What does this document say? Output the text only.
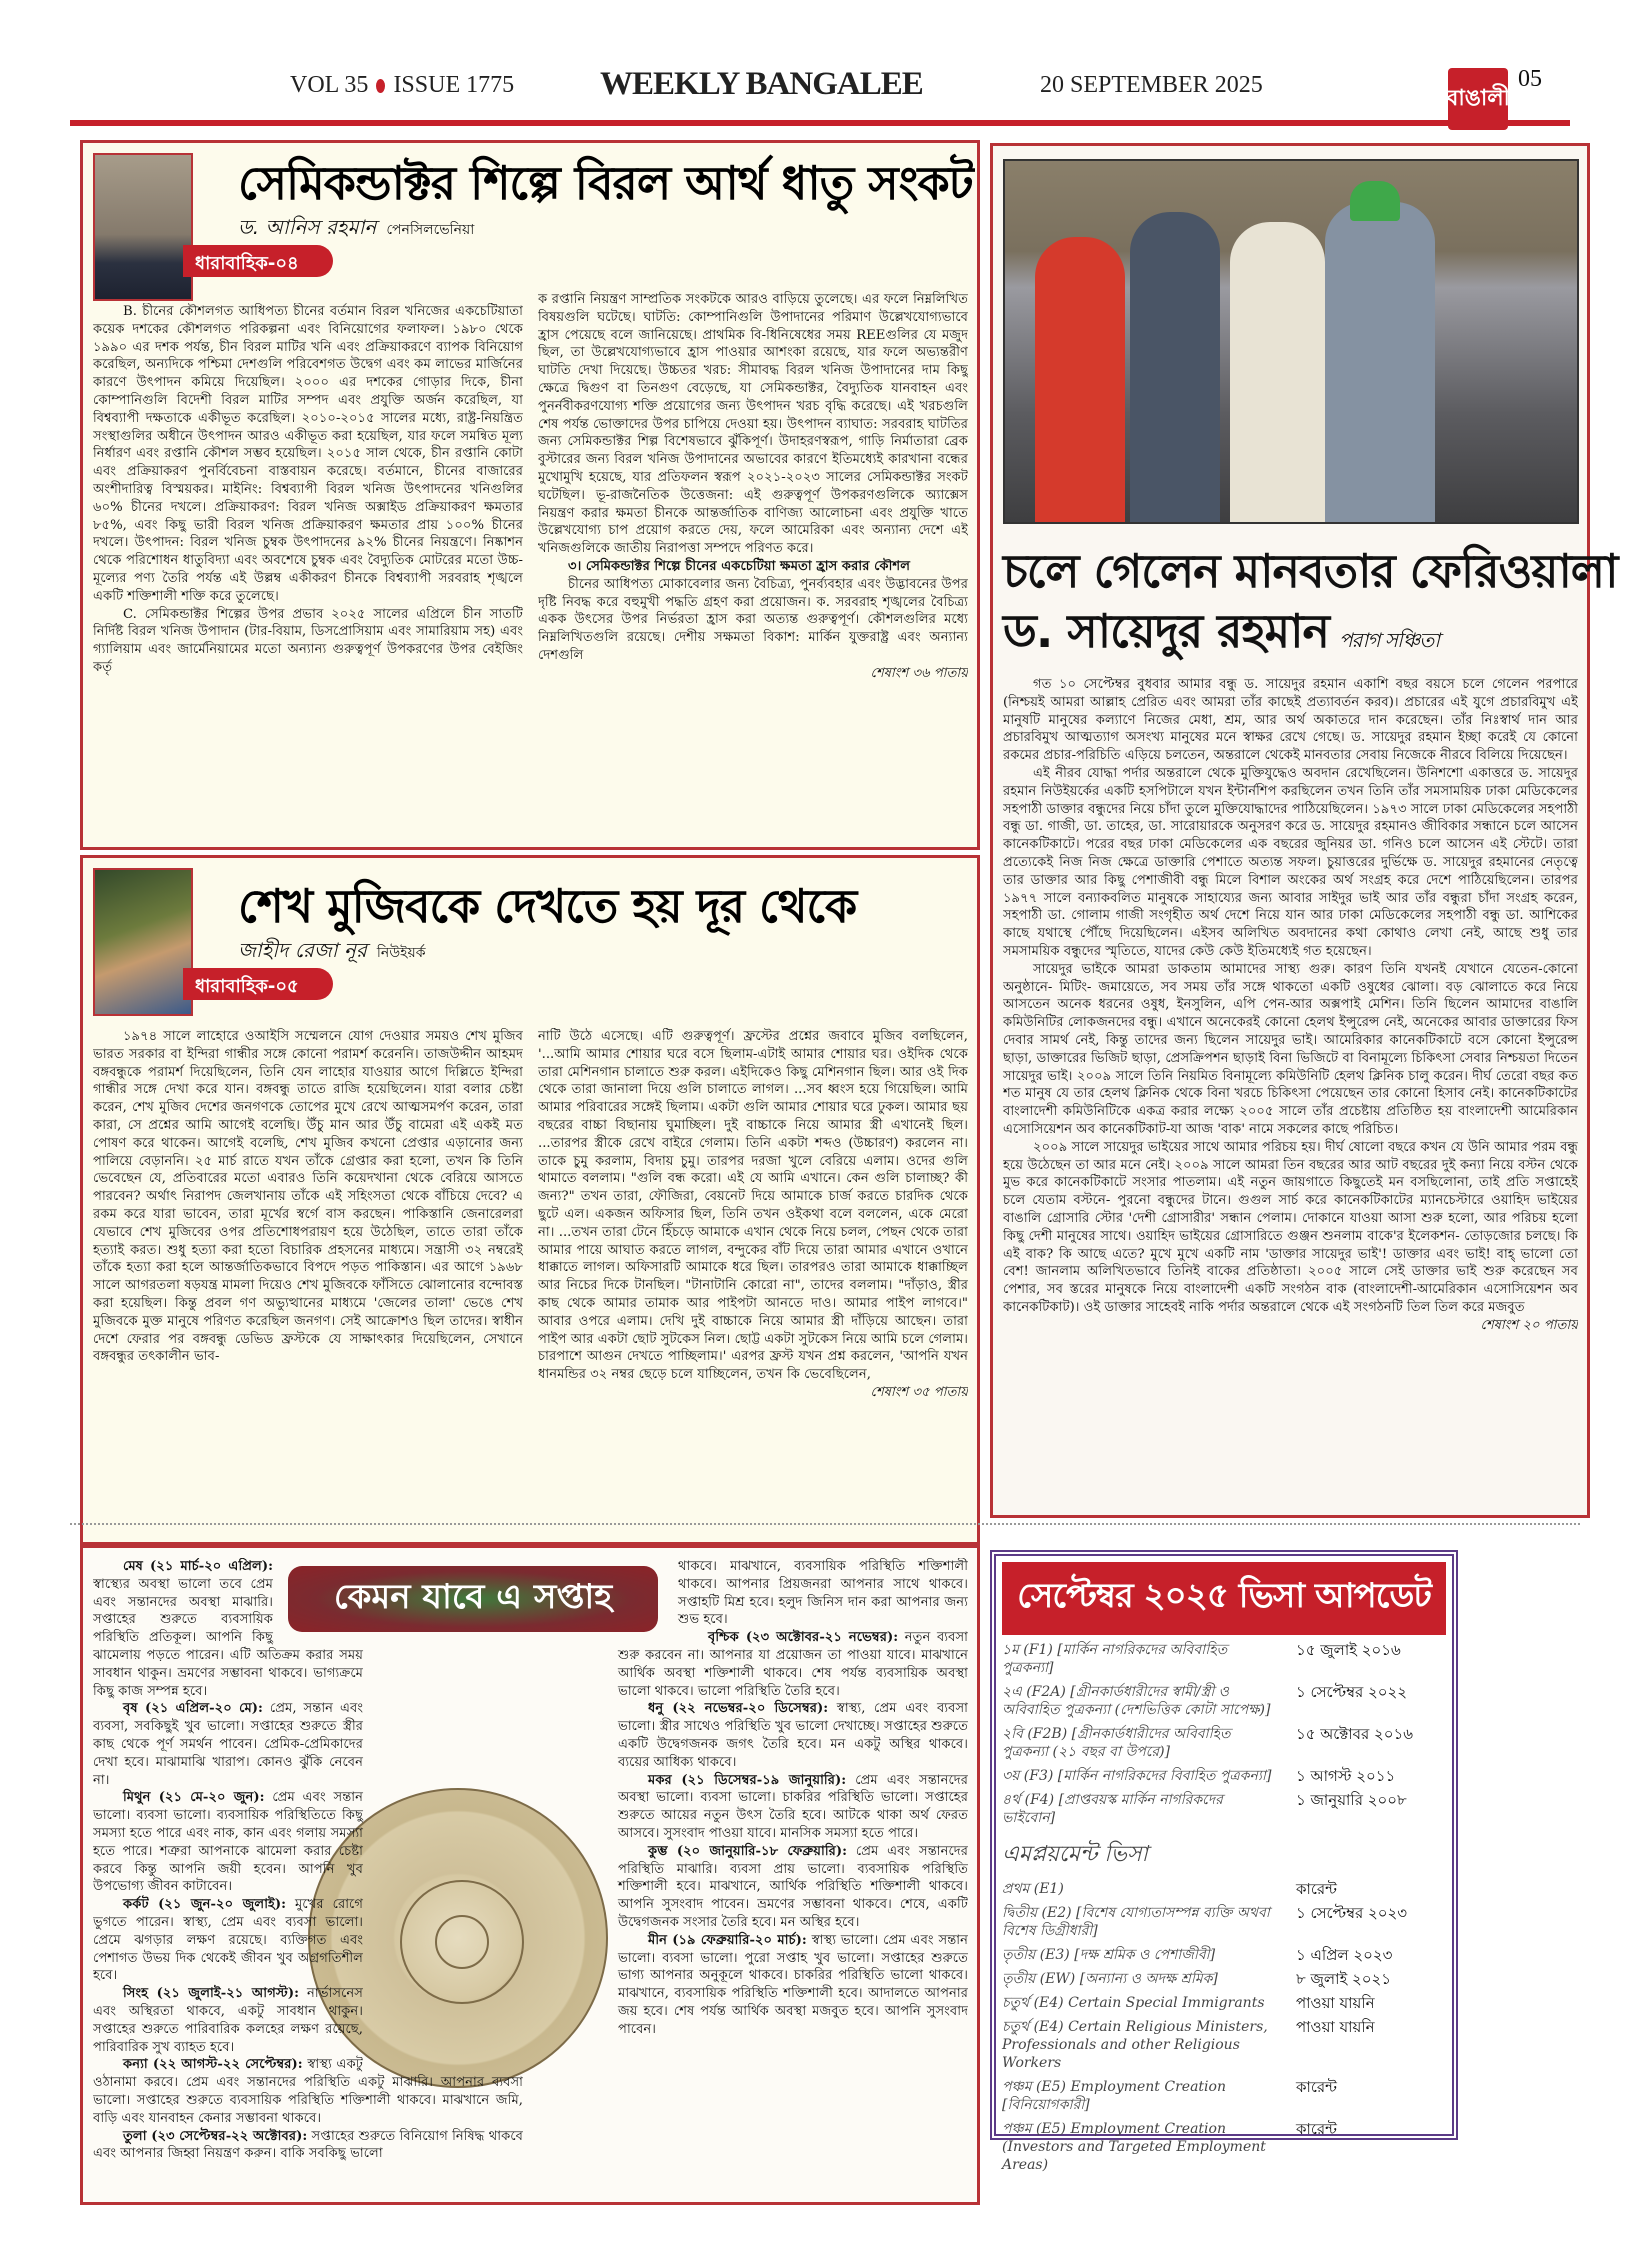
VOL 35 ISSUE 1775	WEEKLY BANGALEE	20 SEPTEMBER 2025	বাঙালী
05
সেমিকন্ডাক্টর শিল্পে বিরল আর্থ ধাতু সংকট
ড. আনিস রহমান পেনসিলভেনিয়া
ধারাবাহিক-০৪

B. চীনের কৌশলগত আধিপত্য চীনের বর্তমান বিরল খনিজের একচেটিয়াতা কয়েক দশকের কৌশলগত পরিকল্পনা এবং বিনিয়োগের ফলাফল। ১৯৮০ থেকে ১৯৯০ এর দশক পর্যন্ত, চীন বিরল মাটির খনি এবং প্রক্রিয়াকরণে ব্যাপক বিনিয়োগ করেছিল, অন্যদিকে পশ্চিমা দেশগুলি পরিবেশগত উদ্বেগ এবং কম লাভের মার্জিনের কারণে উৎপাদন কমিয়ে দিয়েছিল। ২০০০ এর দশকের গোড়ার দিকে, চীনা কোম্পানিগুলি বিদেশী বিরল মাটির সম্পদ এবং প্রযুক্তি অর্জন করেছিল, যা বিশ্বব্যাপী দক্ষতাকে একীভূত করেছিল। ২০১০-২০১৫ সালের মধ্যে, রাষ্ট্র-নিয়ন্ত্রিত সংস্থাগুলির অধীনে উৎপাদন আরও একীভূত করা হয়েছিল, যার ফলে সমন্বিত মূল্য নির্ধারণ এবং রপ্তানি কৌশল সম্ভব হয়েছিল। ২০১৫ সাল থেকে, চীন রপ্তানি কোটা এবং প্রক্রিয়াকরণ পুনর্বিবেচনা বাস্তবায়ন করেছে। বর্তমানে, চীনের বাজারের অংশীদারিত্ব বিস্ময়কর। মাইনিং: বিশ্বব্যাপী বিরল খনিজ উৎপাদনের খনিগুলির ৬০% চীনের দখলে। প্রক্রিয়াকরণ: বিরল খনিজ অক্সাইড প্রক্রিয়াকরণ ক্ষমতার ৮৫%, এবং কিছু ভারী বিরল খনিজ প্রক্রিয়াকরণ ক্ষমতার প্রায় ১০০% চীনের দখলে। উৎপাদন: বিরল খনিজ চুম্বক উৎপাদনের ৯২% চীনের নিয়ন্ত্রণে। নিষ্কাশন থেকে পরিশোধন ধাতুবিদ্যা এবং অবশেষে চুম্বক এবং বৈদ্যুতিক মোটরের মতো উচ্চ-মূল্যের পণ্য তৈরি পর্যন্ত এই উল্লম্ব একীকরণ চীনকে বিশ্বব্যাপী সরবরাহ শৃঙ্খলে একটি শক্তিশালী শক্তি করে তুলেছে।

C. সেমিকন্ডাক্টর শিল্পের উপর প্রভাব ২০২৫ সালের এপ্রিলে চীন সাতটি নির্দিষ্ট বিরল খনিজ উপাদান (টার-বিয়াম, ডিসপ্রোসিয়াম এবং সামারিয়াম সহ) এবং গ্যালিয়াম এবং জার্মেনিয়ামের মতো অন্যান্য গুরুত্বপূর্ণ উপকরণের উপর বেইজিং কর্তৃ

ক রপ্তানি নিয়ন্ত্রণ সাম্প্রতিক সংকটকে আরও বাড়িয়ে তুলেছে। এর ফলে নিম্নলিখিত বিষয়গুলি ঘটেছে। ঘাটতি: কোম্পানিগুলি উপাদানের পরিমাণ উল্লেখযোগ্যভাবে হ্রাস পেয়েছে বলে জানিয়েছে। প্রাথমিক বি-ধিনিষেধের সময় REEগুলির যে মজুদ ছিল, তা উল্লেখযোগ্যভাবে হ্রাস পাওয়ার আশংকা রয়েছে, যার ফলে অভ্যন্তরীণ ঘাটতি দেখা দিয়েছে। উচ্চতর খরচ: সীমাবদ্ধ বিরল খনিজ উপাদানের দাম কিছু ক্ষেত্রে দ্বিগুণ বা তিনগুণ বেড়েছে, যা সেমিকন্ডাক্টর, বৈদ্যুতিক যানবাহন এবং পুনর্নবীকরণযোগ্য শক্তি প্রয়োগের জন্য উৎপাদন খরচ বৃদ্ধি করেছে। এই খরচগুলি শেষ পর্যন্ত ভোক্তাদের উপর চাপিয়ে দেওয়া হয়। উৎপাদন ব্যাঘাত: সরবরাহ ঘাটতির জন্য সেমিকন্ডাক্টর শিল্প বিশেষভাবে ঝুঁকিপূর্ণ। উদাহরণস্বরূপ, গাড়ি নির্মাতারা ব্রেক বুস্টারের জন্য বিরল খনিজ উপাদানের অভাবের কারণে ইতিমধ্যেই কারখানা বন্ধের মুখোমুখি হয়েছে, যার প্রতিফলন স্বরূপ ২০২১-২০২৩ সালের সেমিকন্ডাক্টর সংকট ঘটেছিল। ভূ-রাজনৈতিক উত্তেজনা: এই গুরুত্বপূর্ণ উপকরণগুলিকে অ্যাক্সেস নিয়ন্ত্রণ করার ক্ষমতা চীনকে আন্তর্জাতিক বাণিজ্য আলোচনা এবং প্রযুক্তি খাতে উল্লেখযোগ্য চাপ প্রয়োগ করতে দেয়, ফলে আমেরিকা এবং অন্যান্য দেশে এই খনিজগুলিকে জাতীয় নিরাপত্তা সম্পদে পরিণত করে।

৩। সেমিকন্ডাক্টর শিল্পে চীনের একচেটিয়া ক্ষমতা হ্রাস করার কৌশল

চীনের আধিপত্য মোকাবেলার জন্য বৈচিত্র্য, পুনর্ব্যবহার এবং উদ্ভাবনের উপর দৃষ্টি নিবদ্ধ করে বহুমুখী পদ্ধতি গ্রহণ করা প্রয়োজন। ক. সরবরাহ শৃঙ্খলের বৈচিত্র্য একক উৎসের উপর নির্ভরতা হ্রাস করা অত্যন্ত গুরুত্বপূর্ণ। কৌশলগুলির মধ্যে নিম্নলিখিতগুলি রয়েছে। দেশীয় সক্ষমতা বিকাশ: মার্কিন যুক্তরাষ্ট্র এবং অন্যান্য দেশগুলি

শেষাংশ ৩৬ পাতায়
শেখ মুজিবকে দেখতে হয় দূর থেকে
জাহীদ রেজা নূর নিউইয়র্ক
ধারাবাহিক-০৫

১৯৭৪ সালে লাহোরে ওআইসি সম্মেলনে যোগ দেওয়ার সময়ও শেখ মুজিব ভারত সরকার বা ইন্দিরা গান্ধীর সঙ্গে কোনো পরামর্শ করেননি। তাজউদ্দীন আহমদ বঙ্গবন্ধুকে পরামর্শ দিয়েছিলেন, তিনি যেন লাহোর যাওয়ার আগে দিল্লিতে ইন্দিরা গান্ধীর সঙ্গে দেখা করে যান। বঙ্গবন্ধু তাতে রাজি হয়েছিলেন। যারা বলার চেষ্টা করেন, শেখ মুজিব দেশের জনগণকে তোপের মুখে রেখে আত্মসমর্পণ করেন, তারা কারা, সে প্রশ্নের আমি আগেই বলেছি। উঁচু মান আর উঁচু বামেরা এই একই মত পোষণ করে থাকেন। আগেই বলেছি, শেখ মুজিব কখনো প্রেপ্তার এড়ানোর জন্য পালিয়ে বেড়াননি। ২৫ মার্চ রাতে যখন তাঁকে গ্রেপ্তার করা হলো, তখন কি তিনি ভেবেছেন যে, প্রতিবারের মতো এবারও তিনি কয়েদখানা থেকে বেরিয়ে আসতে পারবেন? অর্থাৎ নিরাপদ জেলখানায় তাঁকে এই সহিংসতা থেকে বাঁচিয়ে দেবে? এ রকম করে যারা ভাবেন, তারা মূর্খের স্বর্গে বাস করছেন। পাকিস্তানি জেনারেলরা যেভাবে শেখ মুজিবের ওপর প্রতিশোধপরায়ণ হয়ে উঠেছিল, তাতে তারা তাঁকে হত্যাই করত। শুধু হত্যা করা হতো বিচারিক প্রহসনের মাধ্যমে। সন্ত্রাসী ৩২ নম্বরেই তাঁকে হত্যা করা হলে আন্তর্জাতিকভাবে বিপদে পড়ত পাকিস্তান। এর আগে ১৯৬৮ সালে আগরতলা ষড়যন্ত্র মামলা দিয়েও শেখ মুজিবকে ফাঁসিতে ঝোলানোর বন্দোবস্ত করা হয়েছিল। কিন্তু প্রবল গণ অভ্যুত্থানের মাধ্যমে 'জেলের তালা' ভেঙে শেখ মুজিবকে মুক্ত মানুষে পরিণত করেছিল জনগণ। সেই আক্রোশও ছিল তাদের। স্বাধীন দেশে ফেরার পর বঙ্গবন্ধু ডেভিড ফ্রস্টকে যে সাক্ষাৎকার দিয়েছিলেন, সেখানে বঙ্গবন্ধুর তৎকালীন ভাব-

নাটি উঠে এসেছে। এটি গুরুত্বপূর্ণ। ফ্রস্টের প্রশ্নের জবাবে মুজিব বলছিলেন, '...আমি আমার শোয়ার ঘরে বসে ছিলাম-এটাই আমার শোয়ার ঘর। ওইদিক থেকে তারা মেশিনগান চালাতে শুরু করল। এইদিকেও কিছু মেশিনগান ছিল। আর ওই দিক থেকে তারা জানালা দিয়ে গুলি চালাতে লাগল। ...সব ধ্বংস হয়ে গিয়েছিল। আমি আমার পরিবারের সঙ্গেই ছিলাম। একটা গুলি আমার শোয়ার ঘরে ঢুকল। আমার ছয় বছরের বাচ্চা বিছানায় ঘুমাচ্ছিল। দুই বাচ্চাকে নিয়ে আমার স্ত্রী এখানেই ছিল। ...তারপর স্ত্রীকে রেখে বাইরে গেলাম। তিনি একটা শব্দও (উচ্চারণ) করলেন না। তাকে চুমু করলাম, বিদায় চুমু। তারপর দরজা খুলে বেরিয়ে এলাম। ওদের গুলি থামাতে বললাম। "গুলি বন্ধ করো। এই যে আমি এখানে। কেন গুলি চালাচ্ছ? কী জন্য?" তখন তারা, ফৌজিরা, বেয়নেট দিয়ে আমাকে চার্জ করতে চারদিক থেকে ছুটে এল। একজন অফিসার ছিল, তিনি তখন ওইকথা বলে বললেন, একে মেরো না। ...তখন তারা টেনে হিঁচড়ে আমাকে এখান থেকে নিয়ে চলল, পেছন থেকে তারা আমার পায়ে আঘাত করতে লাগল, বন্দুকের বাঁট দিয়ে তারা আমার এখানে ওখানে ধাক্কাতে লাগল। অফিসারটি আমাকে ধরে ছিল। তারপরও তারা আমাকে ধাক্কাচ্ছিল আর নিচের দিকে টানছিল। "টানাটানি কোরো না", তাদের বললাম। "দাঁড়াও, স্ত্রীর কাছ থেকে আমার তামাক আর পাইপটা আনতে দাও। আমার পাইপ লাগবে।" আবার ওপরে এলাম। দেখি দুই বাচ্চাকে নিয়ে আমার স্ত্রী দাঁড়িয়ে আছেন। তারা পাইপ আর একটা ছোট সুটকেস নিল। ছোট্ট একটা সুটকেস নিয়ে আমি চলে গেলাম। চারপাশে আগুন দেখতে পাচ্ছিলাম।' এরপর ফ্রস্ট যখন প্রশ্ন করলেন, 'আপনি যখন ধানমন্ডির ৩২ নম্বর ছেড়ে চলে যাচ্ছিলেন, তখন কি ভেবেছিলেন,

শেষাংশ ৩৫ পাতায়
চলে গেলেন মানবতার ফেরিওয়ালা
ড. সায়েদুর রহমান পরাগ সঞ্চিতা

গত ১০ সেপ্টেম্বর বুধবার আমার বন্ধু ড. সায়েদুর রহমান একাশি বছর বয়সে চলে গেলেন পরপারে (নিশ্চয়ই আমরা আল্লাহ প্রেরিত এবং আমরা তাঁর কাছেই প্রত্যাবর্তন করব)। প্রচারের এই যুগে প্রচারবিমুখ এই মানুষটি মানুষের কল্যাণে নিজের মেধা, শ্রম, আর অর্থ অকাতরে দান করেছেন। তাঁর নিঃস্বার্থ দান আর প্রচারবিমুখ আত্মত্যাগ অসংখ্য মানুষের মনে স্বাক্ষর রেখে গেছে। ড. সায়েদুর রহমান ইচ্ছা করেই যে কোনো রকমের প্রচার-পরিচিতি এড়িয়ে চলতেন, অন্তরালে থেকেই মানবতার সেবায় নিজেকে নীরবে বিলিয়ে দিয়েছেন।

এই নীরব যোদ্ধা পর্দার অন্তরালে থেকে মুক্তিযুদ্ধেও অবদান রেখেছিলেন। উনিশশো একাত্তরে ড. সায়েদুর রহমান নিউইয়র্কের একটি হসপিটালে যখন ইন্টার্নশিপ করছিলেন তখন তিনি তাঁর সমসাময়িক ঢাকা মেডিকেলের সহপাঠী ডাক্তার বন্ধুদের নিয়ে চাঁদা তুলে মুক্তিযোদ্ধাদের পাঠিয়েছিলেন। ১৯৭৩ সালে ঢাকা মেডিকেলের সহপাঠী বন্ধু ডা. গাজী, ডা. তাহের, ডা. সারোয়ারকে অনুসরণ করে ড. সায়েদুর রহমানও জীবিকার সন্ধানে চলে আসেন কানেকটিকাটে। পরের বছর ঢাকা মেডিকেলের এক বছরের জুনিয়র ডা. গনিও চলে আসেন এই স্টেটে। তারা প্রত্যেকেই নিজ নিজ ক্ষেত্রে ডাক্তারি পেশাতে অত্যন্ত সফল। চুয়াত্তরের দুর্ভিক্ষে ড. সায়েদুর রহমানের নেতৃত্বে তার ডাক্তার আর কিছু পেশাজীবী বন্ধু মিলে বিশাল অংকের অর্থ সংগ্রহ করে দেশে পাঠিয়েছিলেন। তারপর ১৯৭৭ সালে বন্যাকবলিত মানুষকে সাহায্যের জন্য আবার সাইদুর ভাই আর তাঁর বন্ধুরা চাঁদা সংগ্রহ করেন, সহপাঠী ডা. গোলাম গাজী সংগৃহীত অর্থ দেশে নিয়ে যান আর ঢাকা মেডিকেলের সহপাঠী বন্ধু ডা. আশিকের কাছে যথাস্থে পৌঁছে দিয়েছিলেন। এইসব অলিখিত অবদানের কথা কোথাও লেখা নেই, আছে শুধু তার সমসাময়িক বন্ধুদের স্মৃতিতে, যাদের কেউ কেউ ইতিমধ্যেই গত হয়েছেন।

সায়েদুর ভাইকে আমরা ডাকতাম আমাদের সাস্থ্য গুরু। কারণ তিনি যখনই যেখানে যেতেন-কোনো অনুষ্ঠানে- মিটিং- জমায়েতে, সব সময় তাঁর সঙ্গে থাকতো একটি ওষুধের ঝোলা। বড় ঝোলাতে করে নিয়ে আসতেন অনেক ধরনের ওষুধ, ইনসুলিন, এপি পেন-আর অক্সপাই মেশিন। তিনি ছিলেন আমাদের বাঙালি কমিউনিটির লোকজনদের বন্ধু। এখানে অনেকেরই কোনো হেলথ ইন্সুরেন্স নেই, অনেকের আবার ডাক্তারের ফিস দেবার সামর্থ নেই, কিন্তু তাদের জন্য ছিলেন সায়েদুর ভাই। আমেরিকার কানেকটিকাটে বসে কোনো ইন্সুরেন্স ছাড়া, ডাক্তারের ভিজিট ছাড়া, প্রেসক্রিপশন ছাড়াই বিনা ভিজিটে বা বিনামূল্যে চিকিৎসা সেবার নিশ্চয়তা দিতেন সায়েদুর ভাই। ২০০৯ সালে তিনি নিয়মিত বিনামূল্যে কমিউনিটি হেলথ ক্লিনিক চালু করেন। দীর্ঘ তেরো বছর কত শত মানুষ যে তার হেলথ ক্লিনিক থেকে বিনা খরচে চিকিৎসা পেয়েছেন তার কোনো হিসাব নেই। কানেকটিকাটের বাংলাদেশী কমিউনিটিকে একত্র করার লক্ষ্যে ২০০৫ সালে তাঁর প্রচেষ্টায় প্রতিষ্ঠিত হয় বাংলাদেশী আমেরিকান এসোসিয়েশন অব কানেকটিকাট-যা আজ 'বাক' নামে সকলের কাছে পরিচিত।

২০০৯ সালে সায়েদুর ভাইয়ের সাথে আমার পরিচয় হয়। দীর্ঘ ষোলো বছরে কখন যে উনি আমার পরম বন্ধু হয়ে উঠেছেন তা আর মনে নেই। ২০০৯ সালে আমরা তিন বছরের আর আট বছরের দুই কন্যা নিয়ে বস্টন থেকে মুভ করে কানেকটিকাটে সংসার পাতলাম। এই নতুন জায়গাতে কিছুতেই মন বসছিলোনা, তাই প্রতি সপ্তাহেই চলে যেতাম বস্টনে- পুরনো বন্ধুদের টানে। গুগুল সার্চ করে কানেকটিকাটের ম্যানচেস্টারে ওয়াহিদ ভাইয়ের বাঙালি গ্রোসারি স্টোর 'দেশী গ্রোসারীর' সন্ধান পেলাম। দোকানে যাওয়া আসা শুরু হলো, আর পরিচয় হলো কিছু দেশী মানুষের সাথে। ওয়াহিদ ভাইয়ের গ্রোসারিতে গুঞ্জন শুনলাম বাকে'র ইলেকশন- তোড়জোর চলছে। কি এই বাক? কি আছে এতে? মুখে মুখে একটি নাম 'ডাক্তার সায়েদুর ভাই'! ডাক্তার এবং ভাই! বাহ্ ভালো তো বেশ! জানলাম অলিখিতভাবে তিনিই বাকের প্রতিষ্ঠাতা। ২০০৫ সালে সেই ডাক্তার ভাই শুরু করেছেন সব পেশার, সব স্তরের মানুষকে নিয়ে বাংলাদেশী একটি সংগঠন বাক (বাংলাদেশী-আমেরিকান এসোসিয়েশন অব কানেকটিকাট)। ওই ডাক্তার সাহেবই নাকি পর্দার অন্তরালে থেকে এই সংগঠনটি তিল তিল করে মজবুত

শেষাংশ ২০ পাতায়
কেমন যাবে এ সপ্তাহ

মেষ (২১ মার্চ-২০ এপ্রিল): স্বাস্থ্যের অবস্থা ভালো তবে প্রেম এবং সন্তানদের অবস্থা মাঝারি। সপ্তাহের শুরুতে ব্যবসায়িক পরিস্থিতি প্রতিকূল। আপনি কিছু ঝামেলায় পড়তে পারেন। এটি অতিক্রম করার সময় সাবধান থাকুন। ভ্রমণের সম্ভাবনা থাকবে। ভাগ্যক্রমে কিছু কাজ সম্পন্ন হবে।

বৃষ (২১ এপ্রিল-২০ মে): প্রেম, সন্তান এবং ব্যবসা, সবকিছুই খুব ভালো। সপ্তাহের শুরুতে স্ত্রীর কাছ থেকে পূর্ণ সমর্থন পাবেন। প্রেমিক-প্রেমিকাদের দেখা হবে। মাঝামাঝি খারাপ। কোনও ঝুঁকি নেবেন না।

মিথুন (২১ মে-২০ জুন): প্রেম এবং সন্তান ভালো। ব্যবসা ভালো। ব্যবসায়িক পরিস্থিতিতে কিছু সমস্যা হতে পারে এবং নাক, কান এবং গলায় সমস্যা হতে পারে। শত্রুরা আপনাকে ঝামেলা করার চেষ্টা করবে কিন্তু আপনি জয়ী হবেন। আপনি খুব উপভোগ্য জীবন কাটাবেন।

কর্কট (২১ জুন-২০ জুলাই): মুখের রোগে ভুগতে পারেন। স্বাস্থ্য, প্রেম এবং ব্যবসা ভালো। প্রেমে ঝগড়ার লক্ষণ রয়েছে। ব্যক্তিগত এবং পেশাগত উভয় দিক থেকেই জীবন খুব অগ্রগতিশীল হবে।

সিংহ (২১ জুলাই-২১ আগস্ট): নার্ভাসনেস এবং অস্থিরতা থাকবে, একটু সাবধান থাকুন। সপ্তাহের শুরুতে পারিবারিক কলহের লক্ষণ রয়েছে, পারিবারিক সুখ ব্যাহত হবে।

কন্যা (২২ আগস্ট-২২ সেপ্টেম্বর): স্বাস্থ্য একটু ওঠানামা করবে। প্রেম এবং সন্তানদের পরিস্থিতি একটু মাঝারি। আপনার ব্যবসা ভালো। সপ্তাহের শুরুতে ব্যবসায়িক পরিস্থিতি শক্তিশালী থাকবে। মাঝখানে জমি, বাড়ি এবং যানবাহন কেনার সম্ভাবনা থাকবে।

তুলা (২৩ সেপ্টেম্বর-২২ অক্টোবর): সপ্তাহের শুরুতে বিনিয়োগ নিষিদ্ধ থাকবে এবং আপনার জিহ্বা নিয়ন্ত্রণ করুন। বাকি সবকিছু ভালো

থাকবে। মাঝখানে, ব্যবসায়িক পরিস্থিতি শক্তিশালী থাকবে। আপনার প্রিয়জনরা আপনার সাথে থাকবে। সপ্তাহটি মিশ্র হবে। হলুদ জিনিস দান করা আপনার জন্য শুভ হবে।

বৃশ্চিক (২৩ অক্টোবর-২১ নভেম্বর): নতুন ব্যবসা শুরু করবেন না। আপনার যা প্রয়োজন তা পাওয়া যাবে। মাঝখানে আর্থিক অবস্থা শক্তিশালী থাকবে। শেষ পর্যন্ত ব্যবসায়িক অবস্থা ভালো থাকবে। ভালো পরিস্থিতি তৈরি হবে।

ধনু (২২ নভেম্বর-২০ ডিসেম্বর): স্বাস্থ্য, প্রেম এবং ব্যবসা ভালো। স্ত্রীর সাথেও পরিস্থিতি খুব ভালো দেখাচ্ছে। সপ্তাহের শুরুতে একটি উদ্বেগজনক জগৎ তৈরি হবে। মন একটু অস্থির থাকবে। ব্যয়ের আধিক্য থাকবে।

মকর (২১ ডিসেম্বর-১৯ জানুয়ারি): প্রেম এবং সন্তানদের অবস্থা ভালো। ব্যবসা ভালো। চাকরির পরিস্থিতি ভালো। সপ্তাহের শুরুতে আয়ের নতুন উৎস তৈরি হবে। আটকে থাকা অর্থ ফেরত আসবে। সুসংবাদ পাওয়া যাবে। মানসিক সমস্যা হতে পারে।

কুম্ভ (২০ জানুয়ারি-১৮ ফেব্রুয়ারি): প্রেম এবং সন্তানদের পরিস্থিতি মাঝারি। ব্যবসা প্রায় ভালো। ব্যবসায়িক পরিস্থিতি শক্তিশালী হবে। মাঝখানে, আর্থিক পরিস্থিতি শক্তিশালী থাকবে। আপনি সুসংবাদ পাবেন। ভ্রমণের সম্ভাবনা থাকবে। শেষে, একটি উদ্বেগজনক সংসার তৈরি হবে। মন অস্থির হবে।

মীন (১৯ ফেব্রুয়ারি-২০ মার্চ): স্বাস্থ্য ভালো। প্রেম এবং সন্তান ভালো। ব্যবসা ভালো। পুরো সপ্তাহ খুব ভালো। সপ্তাহের শুরুতে ভাগ্য আপনার অনুকূলে থাকবে। চাকরির পরিস্থিতি ভালো থাকবে। মাঝখানে, ব্যবসায়িক পরিস্থিতি শক্তিশালী হবে। আদালতে আপনার জয় হবে। শেষ পর্যন্ত আর্থিক অবস্থা মজবুত হবে। আপনি সুসংবাদ পাবেন।

সেপ্টেম্বর ২০২৫ ভিসা আপডেট
১ম (F1) [মার্কিন নাগরিকদের অবিবাহিত পুত্রকন্যা]
১৫ জুলাই ২০১৬
২এ (F2A) [গ্রীনকার্ডধারীদের স্বামী/স্ত্রী ও অবিবাহিত পুত্রকন্যা (দেশভিত্তিক কোটা সাপেক্ষ)]
১ সেপ্টেম্বর ২০২২
২বি (F2B) [গ্রীনকার্ডধারীদের অবিবাহিত পুত্রকন্যা (২১ বছর বা উপরে)]
১৫ অক্টোবর ২০১৬
৩য় (F3) [মার্কিন নাগরিকদের বিবাহিত পুত্রকন্যা] ১ আগস্ট ২০১১
৪র্থ (F4) [প্রাপ্তবয়স্ক মার্কিন নাগরিকদের ভাইবোন]
১ জানুয়ারি ২০০৮
এমপ্লয়মেন্ট ভিসা
প্রথম (E1)	কারেন্ট
দ্বিতীয় (E2) [বিশেষ যোগ্যতাসম্পন্ন ব্যক্তি অথবা বিশেষ ডিগ্রীধারী]
১ সেপ্টেম্বর ২০২৩
তৃতীয় (E3) [দক্ষ শ্রমিক ও পেশাজীবী]	১ এপ্রিল ২০২৩
তৃতীয় (EW) [অন্যান্য ও অদক্ষ শ্রমিক]	৮ জুলাই ২০২১
চতুর্থ (E4) Certain Special Immigrants	পাওয়া যায়নি
চতুর্থ (E4) Certain Religious Ministers, Professionals and other Religious Workers
পাওয়া যায়নি
পঞ্চম (E5) Employment Creation [বিনিয়োগকারী]
কারেন্ট
পঞ্চম (E5) Employment Creation (Investors and Targeted Employment Areas)
কারেন্ট
